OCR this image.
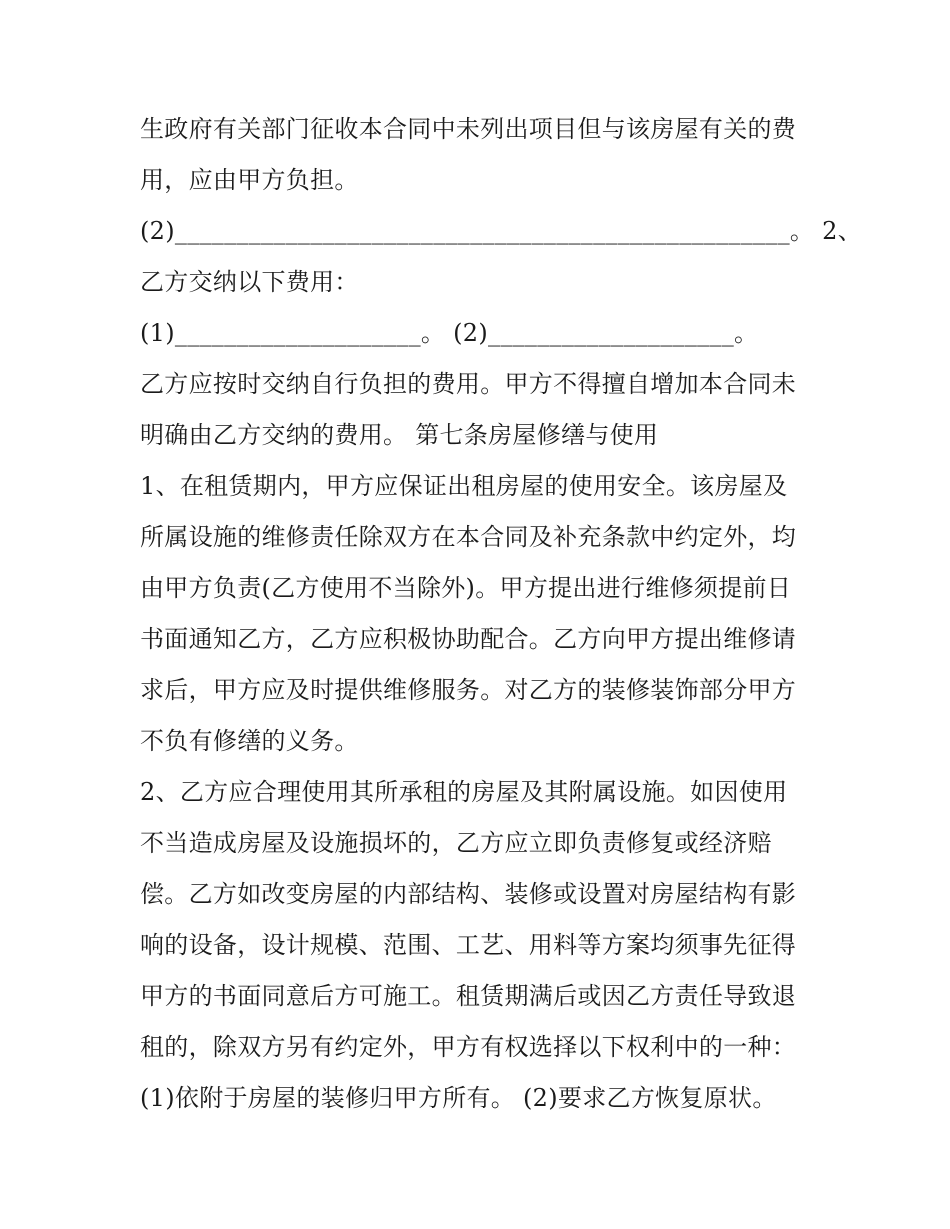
生政府有关部门征收本合同中未列出项目但与该房屋有关的费
用，应由甲方负担。
(2)__________________________________________________。 2、
乙方交纳以下费用：
(1)____________________。 (2)____________________。
乙方应按时交纳自行负担的费用。甲方不得擅自增加本合同未
明确由乙方交纳的费用。 第七条房屋修缮与使用
1、在租赁期内，甲方应保证出租房屋的使用安全。该房屋及
所属设施的维修责任除双方在本合同及补充条款中约定外，均
由甲方负责(乙方使用不当除外)。甲方提出进行维修须提前日
书面通知乙方，乙方应积极协助配合。乙方向甲方提出维修请
求后，甲方应及时提供维修服务。对乙方的装修装饰部分甲方
不负有修缮的义务。
2、乙方应合理使用其所承租的房屋及其附属设施。如因使用
不当造成房屋及设施损坏的，乙方应立即负责修复或经济赔
偿。乙方如改变房屋的内部结构、装修或设置对房屋结构有影
响的设备，设计规模、范围、工艺、用料等方案均须事先征得
甲方的书面同意后方可施工。租赁期满后或因乙方责任导致退
租的，除双方另有约定外，甲方有权选择以下权利中的一种：
(1)依附于房屋的装修归甲方所有。 (2)要求乙方恢复原状。
